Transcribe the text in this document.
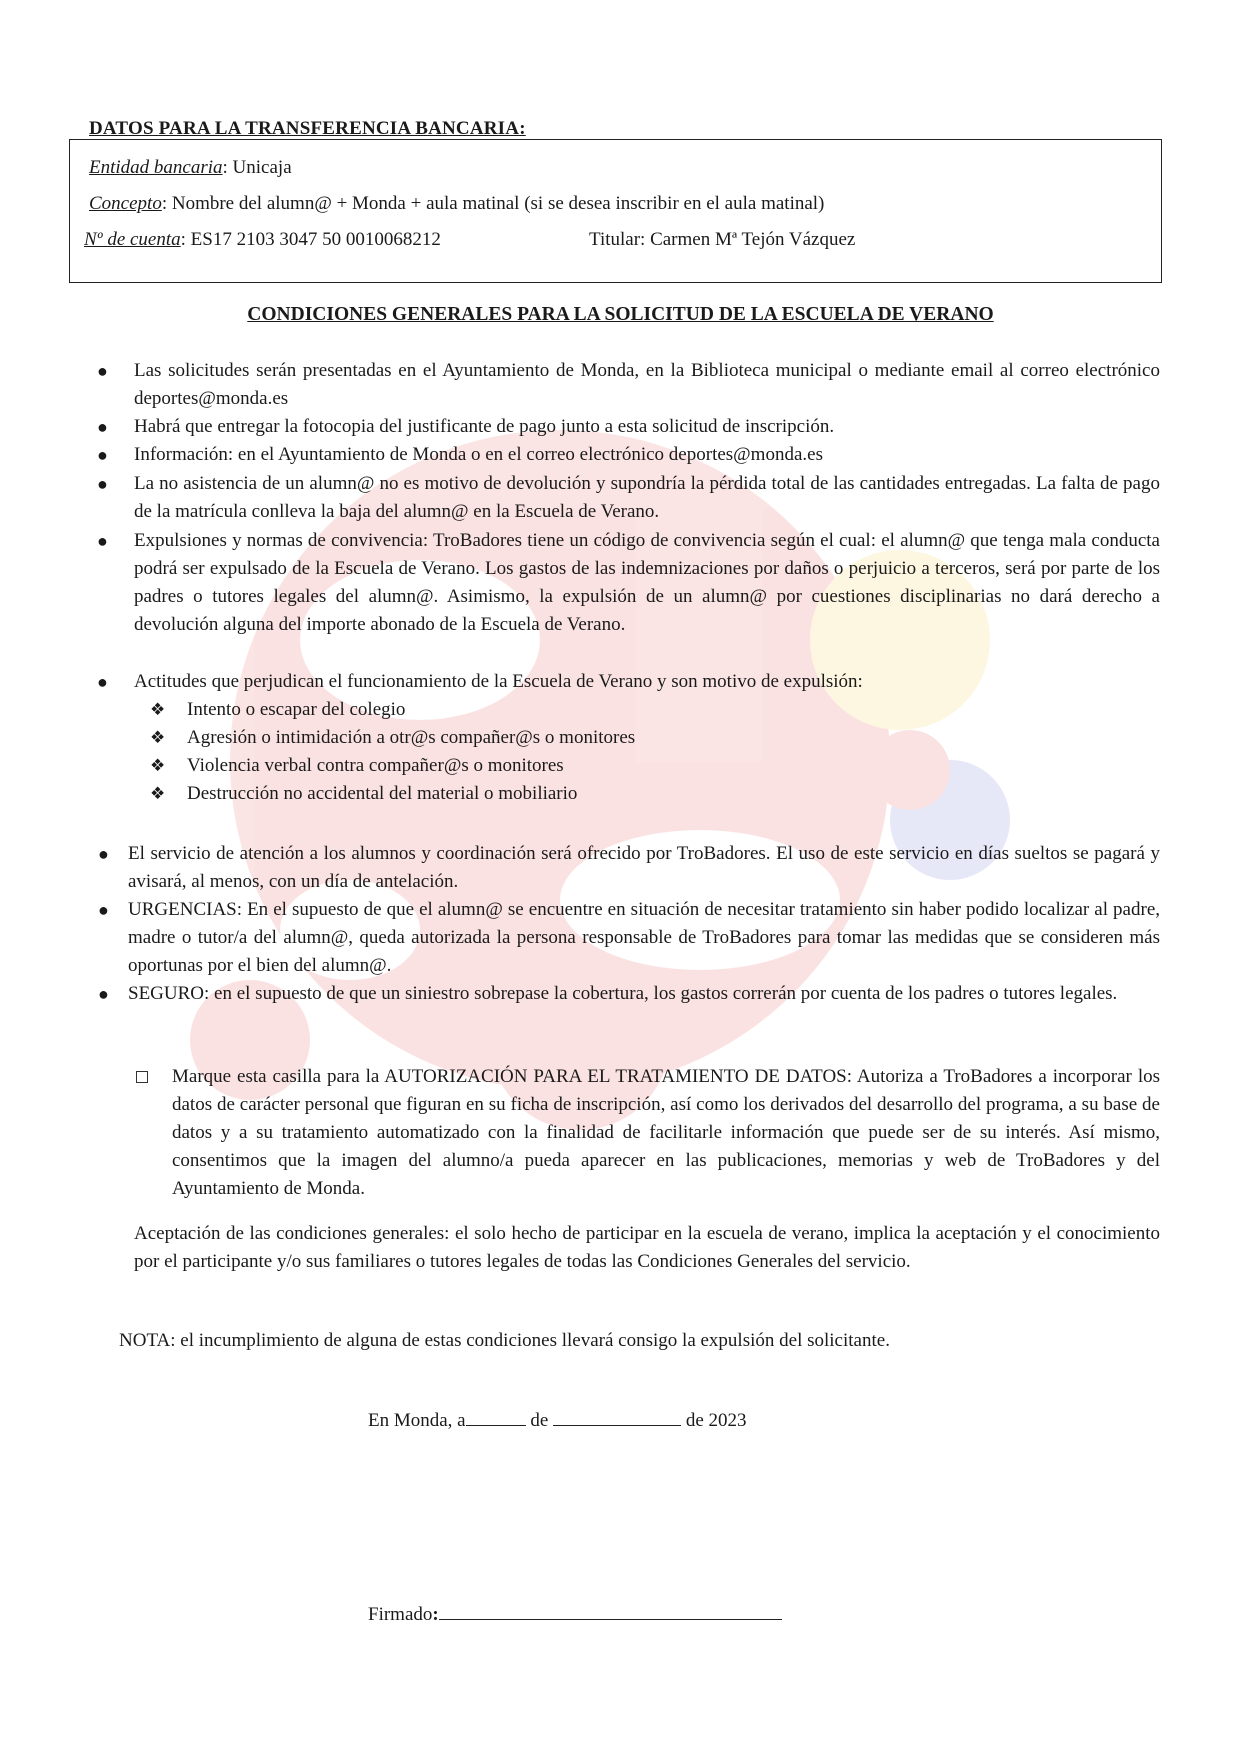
DATOS PARA LA TRANSFERENCIA BANCARIA:
Entidad bancaria: Unicaja
Concepto: Nombre del alumn@ + Monda + aula matinal (si se desea inscribir en el aula matinal)
Nº de cuenta: ES17 2103 3047 50 0010068212	Titular: Carmen Mª Tejón Vázquez
CONDICIONES GENERALES PARA LA SOLICITUD DE LA ESCUELA DE VERANO
● Las solicitudes serán presentadas en el Ayuntamiento de Monda, en la Biblioteca municipal o mediante email al correo electrónico deportes@monda.es
● Habrá que entregar la fotocopia del justificante de pago junto a esta solicitud de inscripción.
● Información: en el Ayuntamiento de Monda o en el correo electrónico deportes@monda.es
● La no asistencia de un alumn@ no es motivo de devolución y supondría la pérdida total de las cantidades entregadas. La falta de pago de la matrícula conlleva la baja del alumn@ en la Escuela de Verano.
● Expulsiones y normas de convivencia: TroBadores tiene un código de convivencia según el cual: el alumn@ que tenga mala conducta podrá ser expulsado de la Escuela de Verano. Los gastos de las indemnizaciones por daños o perjuicio a terceros, será por parte de los padres o tutores legales del alumn@. Asimismo, la expulsión de un alumn@ por cuestiones disciplinarias no dará derecho a devolución alguna del importe abonado de la Escuela de Verano.
● Actitudes que perjudican el funcionamiento de la Escuela de Verano y son motivo de expulsión:
❖ Intento o escapar del colegio
❖ Agresión o intimidación a otr@s compañer@s o monitores
❖ Violencia verbal contra compañer@s o monitores
❖ Destrucción no accidental del material o mobiliario
● El servicio de atención a los alumnos y coordinación será ofrecido por TroBadores. El uso de este servicio en días sueltos se pagará y avisará, al menos, con un día de antelación.
● URGENCIAS: En el supuesto de que el alumn@ se encuentre en situación de necesitar tratamiento sin haber podido localizar al padre, madre o tutor/a del alumn@, queda autorizada la persona responsable de TroBadores para tomar las medidas que se consideren más oportunas por el bien del alumn@.
● SEGURO: en el supuesto de que un siniestro sobrepase la cobertura, los gastos correrán por cuenta de los padres o tutores legales.
Marque esta casilla para la AUTORIZACIÓN PARA EL TRATAMIENTO DE DATOS: Autoriza a TroBadores a incorporar los datos de carácter personal que figuran en su ficha de inscripción, así como los derivados del desarrollo del programa, a su base de datos y a su tratamiento automatizado con la finalidad de facilitarle información que puede ser de su interés. Así mismo, consentimos que la imagen del alumno/a pueda aparecer en las publicaciones, memorias y web de TroBadores y del Ayuntamiento de Monda.
Aceptación de las condiciones generales: el solo hecho de participar en la escuela de verano, implica la aceptación y el conocimiento por el participante y/o sus familiares o tutores legales de todas las Condiciones Generales del servicio.
NOTA: el incumplimiento de alguna de estas condiciones llevará consigo la expulsión del solicitante.
En Monda, a	de	de 2023
Firmado:
